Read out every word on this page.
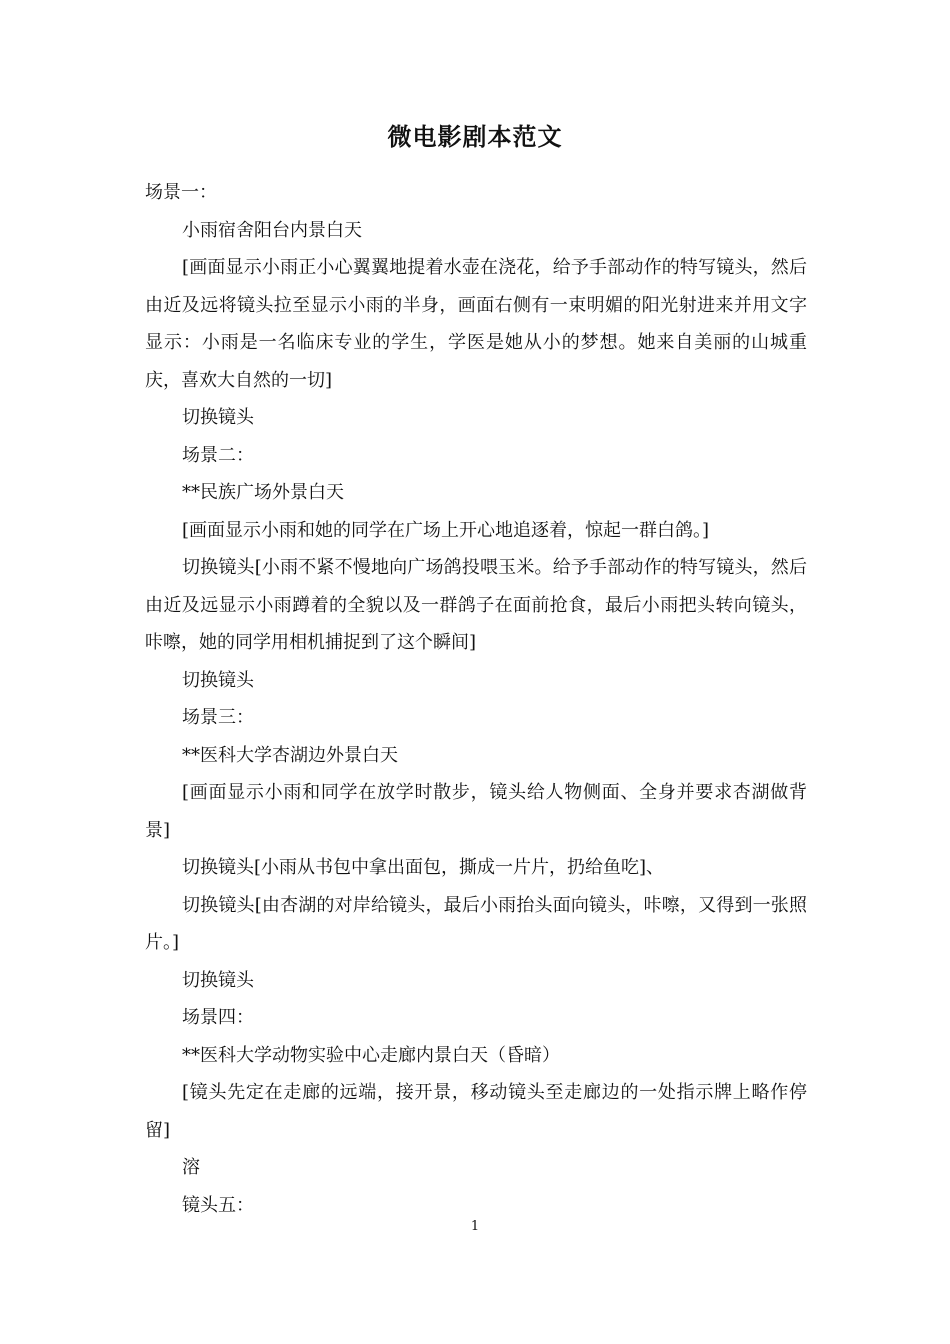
微电影剧本范文

场景一：

小雨宿舍阳台内景白天

[画面显示小雨正小心翼翼地提着水壶在浇花，给予手部动作的特写镜头，然后由近及远将镜头拉至显示小雨的半身，画面右侧有一束明媚的阳光射进来并用文字显示：小雨是一名临床专业的学生，学医是她从小的梦想。她来自美丽的山城重庆，喜欢大自然的一切]

切换镜头

场景二：

**民族广场外景白天

[画面显示小雨和她的同学在广场上开心地追逐着，惊起一群白鸽。]

切换镜头[小雨不紧不慢地向广场鸽投喂玉米。给予手部动作的特写镜头，然后由近及远显示小雨蹲着的全貌以及一群鸽子在面前抢食，最后小雨把头转向镜头，咔嚓，她的同学用相机捕捉到了这个瞬间]

切换镜头

场景三：

**医科大学杏湖边外景白天

[画面显示小雨和同学在放学时散步，镜头给人物侧面、全身并要求杏湖做背景]

切换镜头[小雨从书包中拿出面包，撕成一片片，扔给鱼吃]、

切换镜头[由杏湖的对岸给镜头，最后小雨抬头面向镜头，咔嚓，又得到一张照片。]

切换镜头

场景四：

**医科大学动物实验中心走廊内景白天（昏暗）

[镜头先定在走廊的远端，接开景，移动镜头至走廊边的一处指示牌上略作停留]

溶

镜头五：

1
